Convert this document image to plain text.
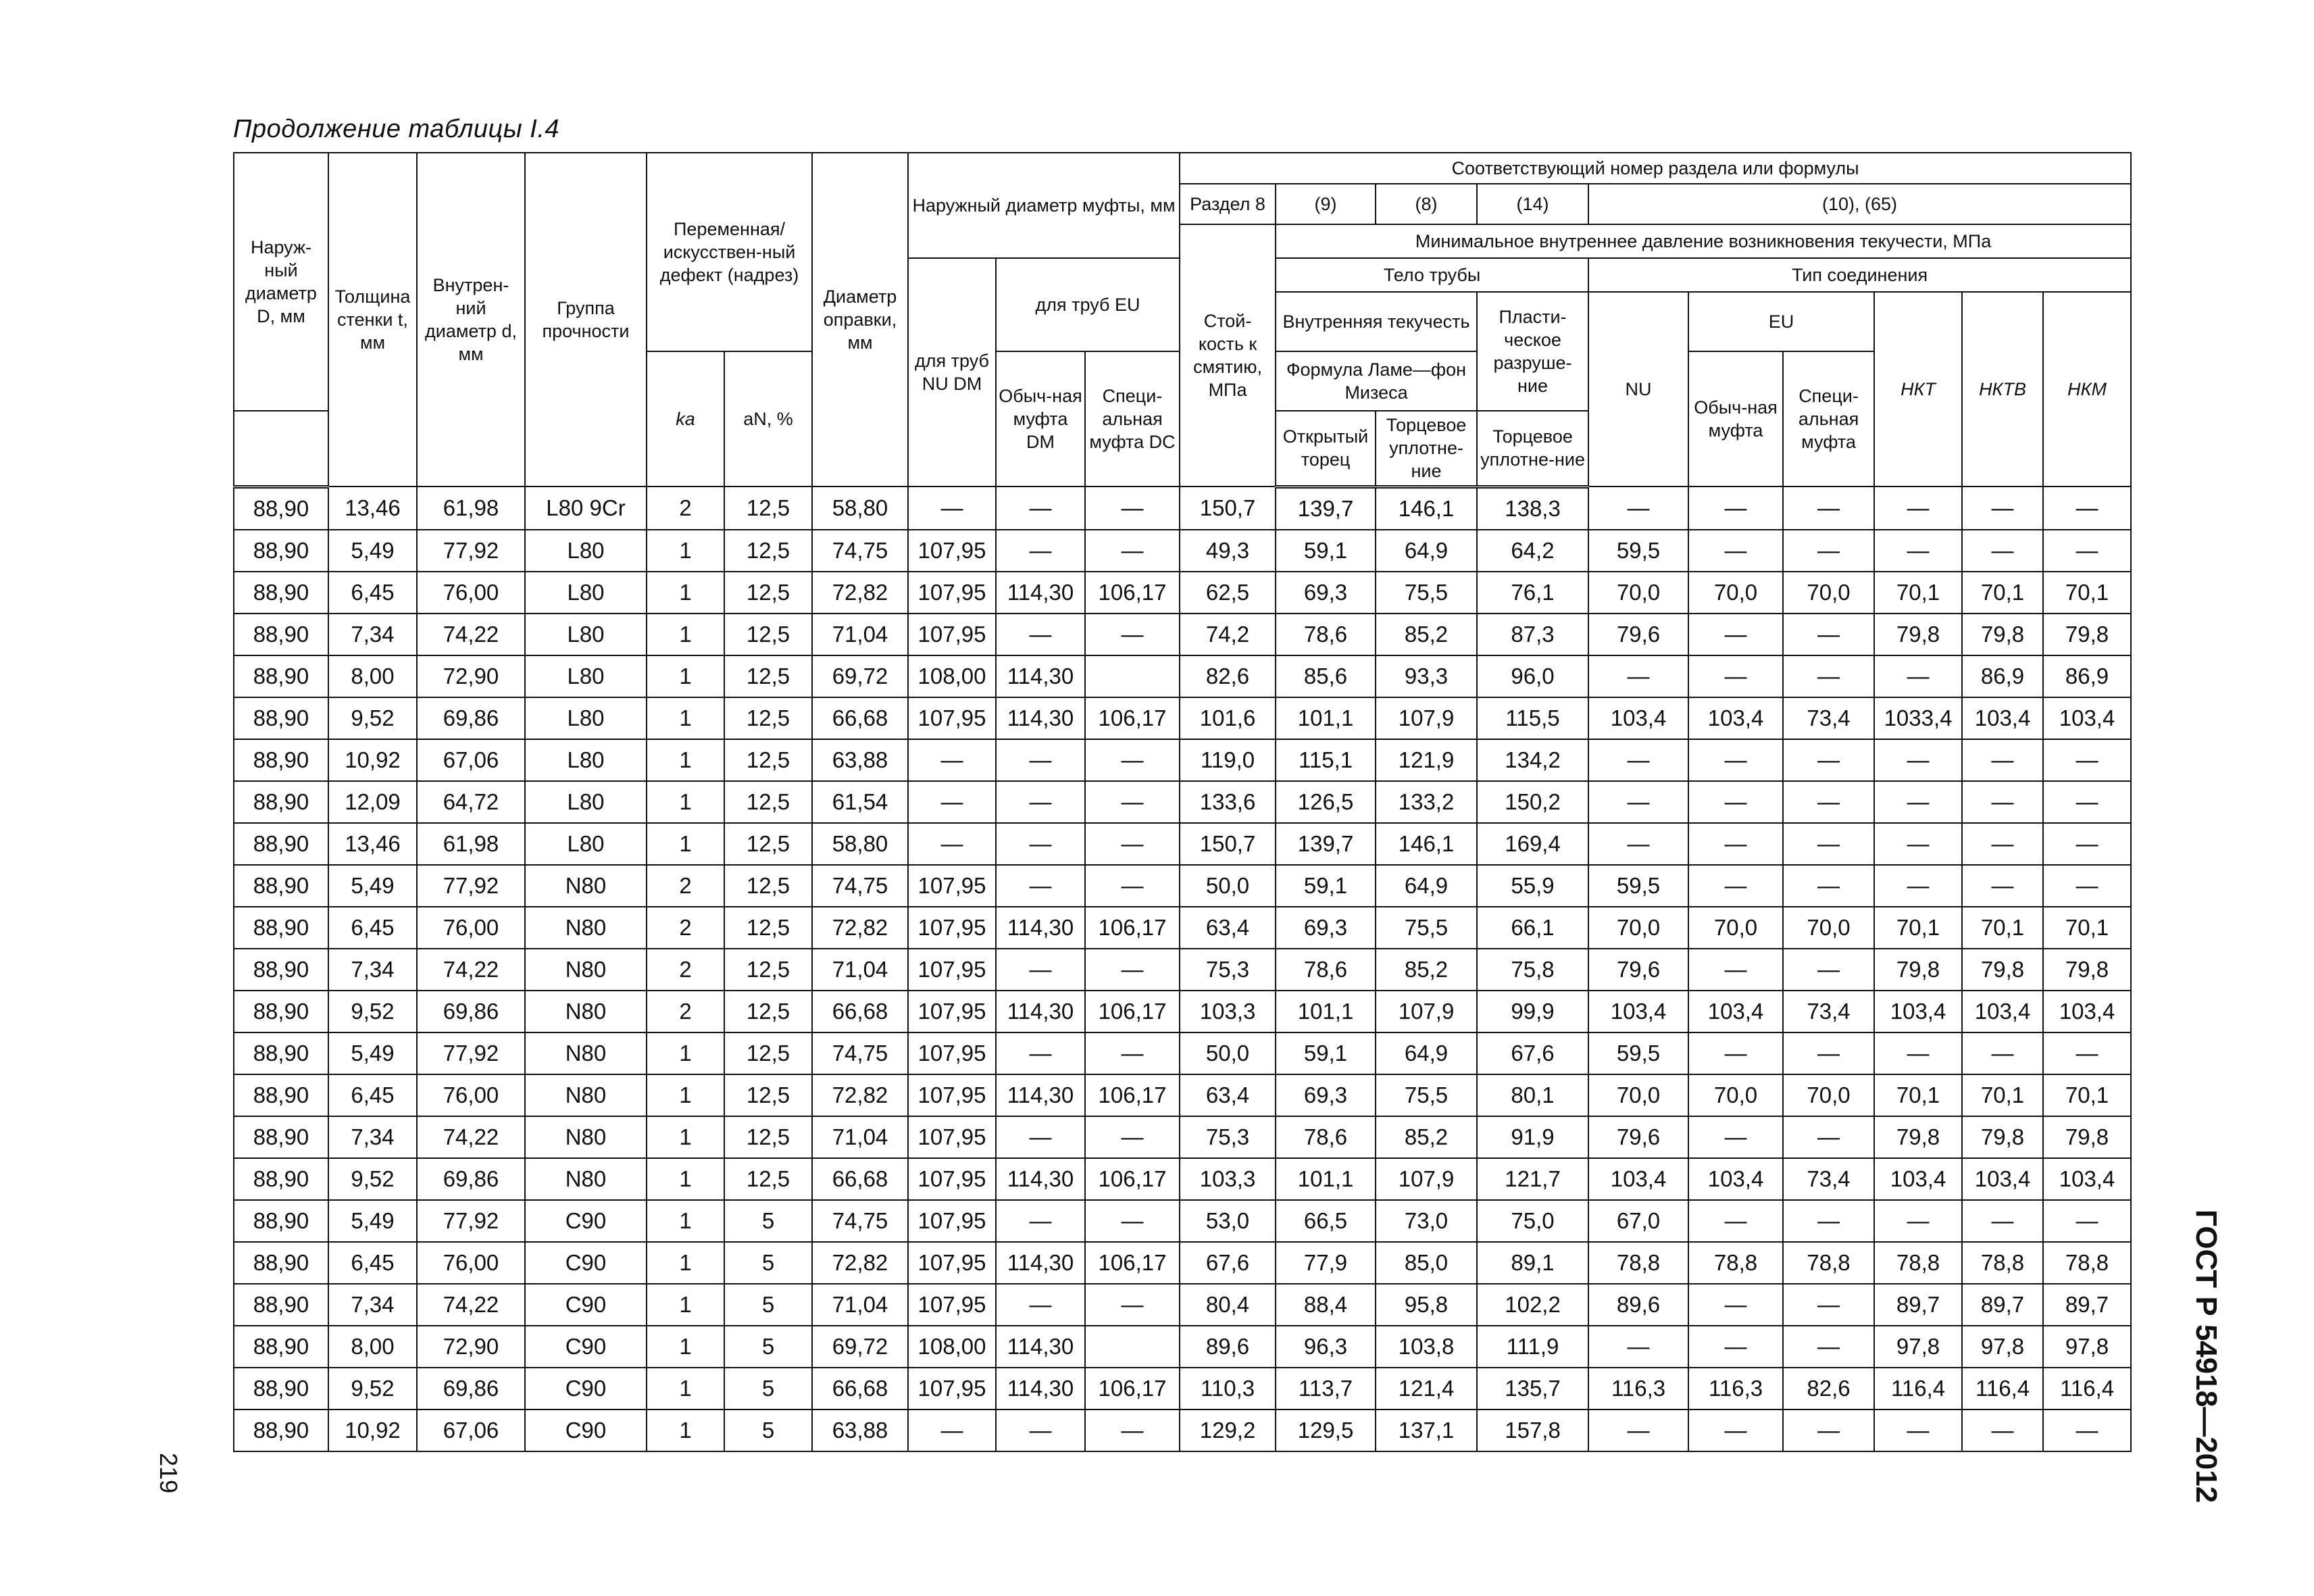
Продолжение таблицы I.4
Наруж-ный диаметр D, мм	Толщина стенки t, мм	Внутрен-ний диаметр d, мм	Группа прочности	Переменная/ искусствен-ный дефект (надрез)		Диаметр оправки, мм	Наружный диаметр муфты, мм			Соответствующий номер раздела или формулы									
										Раздел 8	(9)	(8)	(14)	(10), (65)					
										Стой-кость к смятию, МПа	Минимальное внутреннее давление возникновения текучести, МПа								
							для труб NU DМ	для труб EU			Тело трубы			Тип соединения					
											Внутренняя текучесть		Пласти-ческое разруше-ние	NU	EU		НКТ	НКТВ	НКМ
				kа	aN, %			Обыч-ная муфта DМ	Специ-альная муфта DС		Формула Ламе—фон Мизеса				Обыч-ная муфта	Специ-альная муфта			
											Открытый торец	Торцевое уплотне-ние	Торцевое уплотне-ние						
88,90	13,46	61,98	L80 9Cr	2	12,5	58,80	—	—	—	150,7	139,7	146,1	138,3	—	—	—	—	—	—
88,90	5,49	77,92	L80	1	12,5	74,75	107,95	—	—	49,3	59,1	64,9	64,2	59,5	—	—	—	—	—
88,90	6,45	76,00	L80	1	12,5	72,82	107,95	114,30	106,17	62,5	69,3	75,5	76,1	70,0	70,0	70,0	70,1	70,1	70,1
88,90	7,34	74,22	L80	1	12,5	71,04	107,95	—	—	74,2	78,6	85,2	87,3	79,6	—	—	79,8	79,8	79,8
88,90	8,00	72,90	L80	1	12,5	69,72	108,00	114,30		82,6	85,6	93,3	96,0	—	—	—	—	86,9	86,9
88,90	9,52	69,86	L80	1	12,5	66,68	107,95	114,30	106,17	101,6	101,1	107,9	115,5	103,4	103,4	73,4	1033,4	103,4	103,4
88,90	10,92	67,06	L80	1	12,5	63,88	—	—	—	119,0	115,1	121,9	134,2	—	—	—	—	—	—
88,90	12,09	64,72	L80	1	12,5	61,54	—	—	—	133,6	126,5	133,2	150,2	—	—	—	—	—	—
88,90	13,46	61,98	L80	1	12,5	58,80	—	—	—	150,7	139,7	146,1	169,4	—	—	—	—	—	—
88,90	5,49	77,92	N80	2	12,5	74,75	107,95	—	—	50,0	59,1	64,9	55,9	59,5	—	—	—	—	—
88,90	6,45	76,00	N80	2	12,5	72,82	107,95	114,30	106,17	63,4	69,3	75,5	66,1	70,0	70,0	70,0	70,1	70,1	70,1
88,90	7,34	74,22	N80	2	12,5	71,04	107,95	—	—	75,3	78,6	85,2	75,8	79,6	—	—	79,8	79,8	79,8
88,90	9,52	69,86	N80	2	12,5	66,68	107,95	114,30	106,17	103,3	101,1	107,9	99,9	103,4	103,4	73,4	103,4	103,4	103,4
88,90	5,49	77,92	N80	1	12,5	74,75	107,95	—	—	50,0	59,1	64,9	67,6	59,5	—	—	—	—	—
88,90	6,45	76,00	N80	1	12,5	72,82	107,95	114,30	106,17	63,4	69,3	75,5	80,1	70,0	70,0	70,0	70,1	70,1	70,1
88,90	7,34	74,22	N80	1	12,5	71,04	107,95	—	—	75,3	78,6	85,2	91,9	79,6	—	—	79,8	79,8	79,8
88,90	9,52	69,86	N80	1	12,5	66,68	107,95	114,30	106,17	103,3	101,1	107,9	121,7	103,4	103,4	73,4	103,4	103,4	103,4
88,90	5,49	77,92	C90	1	5	74,75	107,95	—	—	53,0	66,5	73,0	75,0	67,0	—	—	—	—	—
88,90	6,45	76,00	C90	1	5	72,82	107,95	114,30	106,17	67,6	77,9	85,0	89,1	78,8	78,8	78,8	78,8	78,8	78,8
88,90	7,34	74,22	C90	1	5	71,04	107,95	—	—	80,4	88,4	95,8	102,2	89,6	—	—	89,7	89,7	89,7
88,90	8,00	72,90	C90	1	5	69,72	108,00	114,30		89,6	96,3	103,8	111,9	—	—	—	97,8	97,8	97,8
88,90	9,52	69,86	C90	1	5	66,68	107,95	114,30	106,17	110,3	113,7	121,4	135,7	116,3	116,3	82,6	116,4	116,4	116,4
88,90	10,92	67,06	C90	1	5	63,88	—	—	—	129,2	129,5	137,1	157,8	—	—	—	—	—	—
219	ГОСТ Р 54918—2012
